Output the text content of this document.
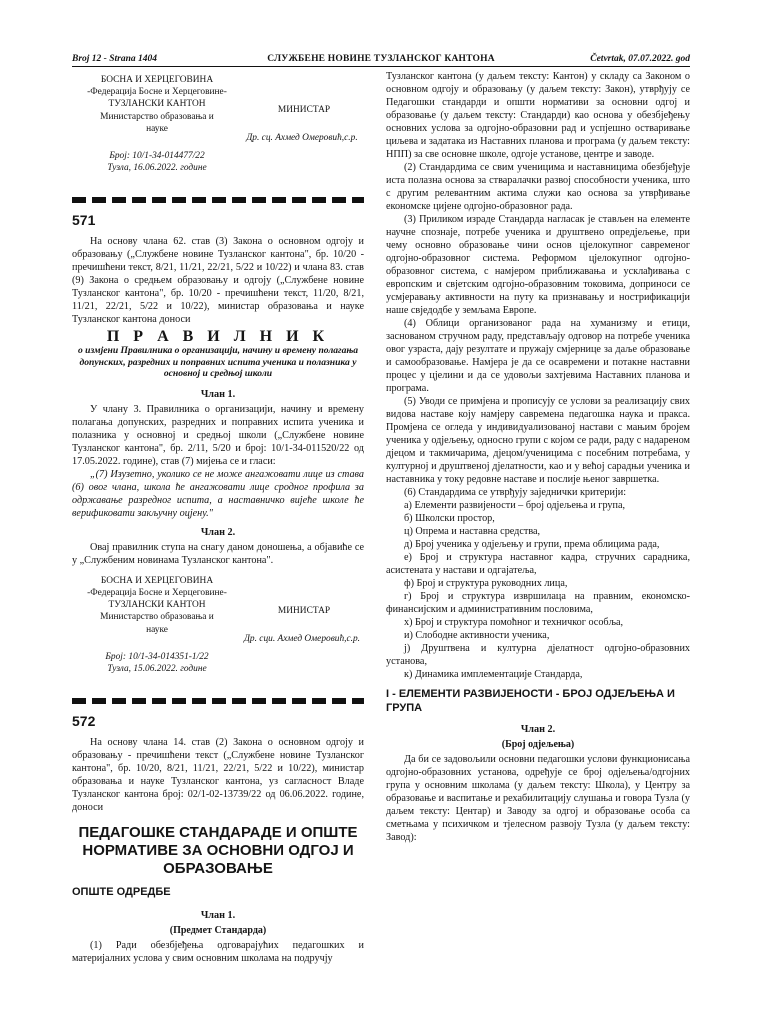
СЛУЖБЕНЕ НОВИНЕ ТУЗЛАНСКОГ КАНТОНА
Broj 12 - Strana 1404	Četvrtak, 07.07.2022. god
БОСНА И ХЕРЦЕГОВИНА
-Федерација Босне и Херцеговине-
ТУЗЛАНСКИ КАНТОН
Министарство образовања и
науке
МИНИСТАР
Др. сц. Ахмед Омеровић,с.р.
Број: 10/1-34-014477/22
Тузла, 16.06.2022. године
571

На основу члана 62. став (3) Закона о основном одгоју и образовању („Службене новине Тузланског кантона", бр. 10/20 - пречишћени текст, 8/21, 11/21, 22/21, 5/22 и 10/22) и члана 83. став (9) Закона о средњем образовању и одгоју („Службене новине Тузланског кантона", бр. 10/20 - пречишћени текст, 11/20, 8/21, 11/21, 22/21, 5/22 и 10/22), министар образовања и науке Тузланског кантона доноси

П Р А В И Л Н И К
о измјени Правилника о организацији, начину и времену полагања допунских, разредних и поправних испита ученика и полазника у основној и средњој школи
Члан 1.

У члану 3. Правилника о организацији, начину и времену полагања допунских, разредних и поправних испита ученика и полазника у основној и средњој школи („Службене новине Тузланског кантона", бр. 2/11, 5/20 и број: 10/1-34-011520/22 од 17.05.2022. године), став (7) мијења се и гласи:

„(7) Изузетно, уколико се не може ангажовати лице из става (6) овог члана, школа ће ангажовати лице сродног профила за одржавање разредног испита, а наставничко вијеће школе ће верификовати закључну оцјену."

Члан 2.

Овај правилник ступа на снагу даном доношења, а објавиће се у „Службеним новинама Тузланског кантона".

БОСНА И ХЕРЦЕГОВИНА
-Федерација Босне и Херцеговине-
ТУЗЛАНСКИ КАНТОН
Министарство образовања и
науке
МИНИСТАР
Др. сци. Ахмед Омеровић,с.р.
Број: 10/1-34-014351-1/22
Тузла, 15.06.2022. године
572

На основу члана 14. став (2) Закона о основном одгоју и образовању - пречишћени текст („Службене новине Тузланског кантона", бр. 10/20, 8/21, 11/21, 22/21, 5/22 и 10/22), министар образовања и науке Тузланског кантона, уз сагласност Владе Тузланског кантона број: 02/1-02-13739/22 од 06.06.2022. године, доноси

ПЕДАГОШКЕ СТАНДАРАДЕ И ОПШТЕ НОРМАТИВЕ ЗА ОСНОВНИ ОДГОЈ И ОБРАЗОВАЊЕ
ОПШТЕ ОДРЕДБЕ
Члан 1.
(Предмет Стандарда)

(1) Ради обезбјеђења одговарајућих педагошких и материјалних услова у свим основним школама на подручју

Тузланског кантона (у даљем тексту: Кантон) у складу са Законом о основном одгоју и образовању (у даљем тексту: Закон), утврђују се Педагошки стандарди и општи нормативи за основни одгој и образовање (у даљем тексту: Стандарди) као основа у обезбјеђењу основних услова за одгојно-образовни рад и успјешно остваривање циљева и задатака из Наставних планова и програма (у даљем тексту: НПП) за све основне школе, одгоје установе, центре и заводе.

(2) Стандардима се свим ученицима и наставницима обезбјеђује иста полазна основа за стваралачки развој способности ученика, што с другим релевантним актима служи као основа за утврђивање економске цијене одгојно-образовног рада.

(3) Приликом израде Стандарда нагласак је стављен на елементе научне спознаје, потребе ученика и друштвено опредјељење, при чему основно образовање чини основ цјелокупног савременог одгојно-образовног система. Реформом цјелокупног одгојно-образовног система, с намјером приближавања и усклађивања с европским и свјетским одгојно-образовним токовима, доприноси се усмјеравању активности на путу ка признавању и нострификацији наше свједодбе у земљама Европе.

(4) Облици организованог рада на хуманизму и етици, заснованом стручном раду, представљају одговор на потребе ученика овог узраста, дају резултате и пружају смјернице за даље образовање и самообразовање. Намјера је да се осавремени и потакне наставни процес у цјелини и да се удовољи захтјевима Наставних планова и програма.

(5) Уводи се примјена и прописују се услови за реализацију свих видова наставе коју намјеру савремена педагошка наука и пракса. Промјена се огледа у индивидуализованој настави с мањим бројем ученика у одјељењу, односно групи с којом се ради, раду с надареном дјецом и такмичарима, дјецом/ученицима с посебним потребама, у културној и друштвеној дјелатности, као и у већој сарадњи ученика и наставника у току редовне наставе и послије њеног завршетка.

(6) Стандардима се утврђују заједнички критерији:

а) Елементи развијености – број одјељења и група,

б) Школски простор,

ц) Опрема и наставна средства,

д) Број ученика у одјељењу и групи, према облицима рада,

е) Број и структура наставног кадра, стручних сарадника, асистената у настави и одгајатеља,

ф) Број и структура руководних лица,

г) Број и структура извршилаца на правним, економско-финансијским и административним пословима,

х) Број и структура помоћног и техничког особља,

и) Слободне активности ученика,

ј) Друштвена и културна дјелатност одгојно-образовних установа,

к) Динамика имплементације Стандарда,

I - ЕЛЕМЕНТИ РАЗВИЈЕНОСТИ - БРОЈ ОДЈЕЉЕЊА И ГРУПА
Члан 2.
(Број одјељења)

Да би се задовољили основни педагошки услови функционисања одгојно-образовних установа, одређује се број одјељења/одгојних група у основним школама (у даљем тексту: Школа), у Центру за образовање и васпитање и рехабилитацију слушања и говора Тузла (у даљем тексту: Центар) и Заводу за одгој и образовање особа са сметњама у психичком и тјелесном развоју Тузла (у даљем тексту: Завод):
